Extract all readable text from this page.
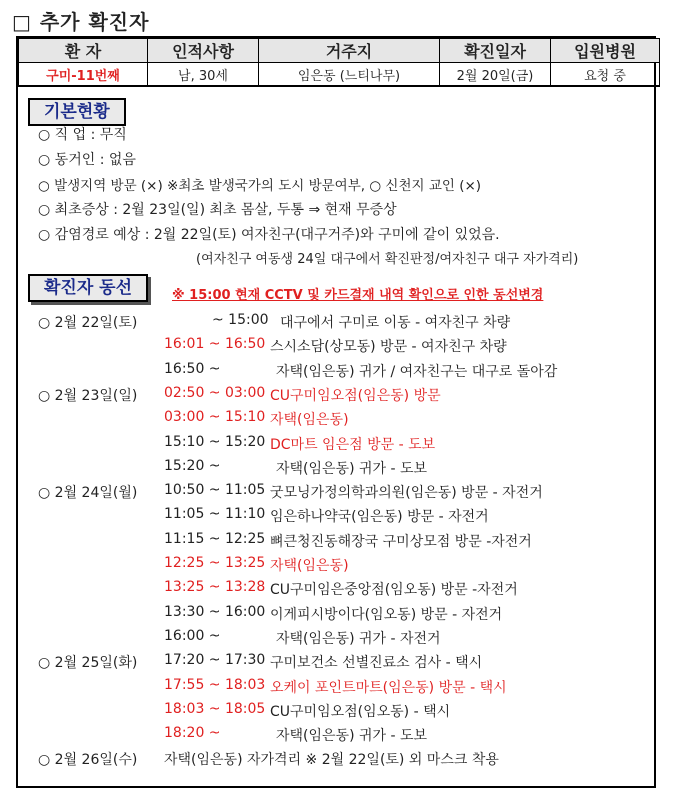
□ 추가 확진자
환 자	인적사항	거주지	확진일자	입원병원
구미-11번째	남, 30세	임은동 (느티나무)	2월 20일(금)	요청 중
기본현황
○ 직 업 : 무직
○ 동거인 : 없음
○ 발생지역 방문 (×) ※최초 발생국가의 도시 방문여부, ○ 신천지 교인 (×)
○ 최초증상 : 2월 23일(일) 최초 몸살, 두통 ⇒ 현재 무증상
○ 감염경로 예상 : 2월 22일(토) 여자친구(대구거주)와 구미에 같이 있었음.
(여자친구 여동생 24일 대구에서 확진판정/여자친구 대구 자가격리)
확진자 동선	※ 15:00 현재 CCTV 및 카드결재 내역 확인으로 인한 동선변경
○ 2월 22일(토)	~ 15:00 대구에서 구미로 이동 - 여자친구 차량
16:01 ~ 16:50 스시소담(상모동) 방문 - 여자친구 차량
16:50 ~	자택(임은동) 귀가 / 여자친구는 대구로 돌아감
○ 2월 23일(일) 02:50 ~ 03:00 CU구미임오점(임은동) 방문
03:00 ~ 15:10 자택(임은동)
15:10 ~ 15:20 DC마트 임은점 방문 - 도보
15:20 ~	자택(임은동) 귀가 - 도보
○ 2월 24일(월) 10:50 ~ 11:05 굿모닝가정의학과의원(임은동) 방문 - 자전거
11:05 ~ 11:10 임은하나약국(임은동) 방문 - 자전거
11:15 ~ 12:25 뼈큰청진동해장국 구미상모점 방문 -자전거
12:25 ~ 13:25 자택(임은동)
13:25 ~ 13:28 CU구미임은중앙점(임오동) 방문 -자전거
13:30 ~ 16:00 이게피시방이다(임오동) 방문 - 자전거
16:00 ~	자택(임은동) 귀가 - 자전거
○ 2월 25일(화) 17:20 ~ 17:30 구미보건소 선별진료소 검사 - 택시
17:55 ~ 18:03 오케이 포인트마트(임은동) 방문 - 택시
18:03 ~ 18:05 CU구미임오점(임오동) - 택시
18:20 ~	자택(임은동) 귀가 - 도보
○ 2월 26일(수) 자택(임은동) 자가격리 ※ 2월 22일(토) 외 마스크 착용
